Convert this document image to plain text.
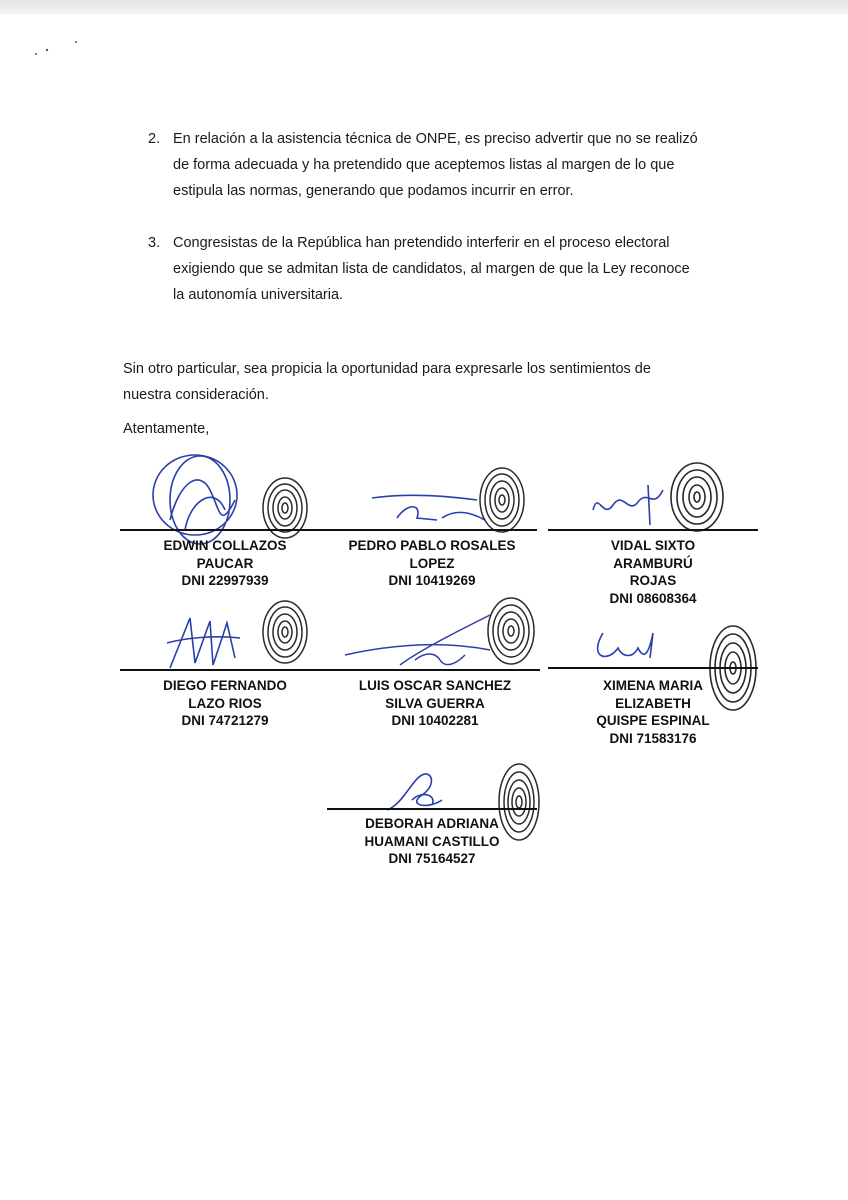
2. En relación a la asistencia técnica de ONPE, es preciso advertir que no se realizó
de forma adecuada y ha pretendido que aceptemos listas al margen de lo que
estipula las normas, generando que podamos incurrir en error.
3. Congresistas de la República han pretendido interferir en el proceso electoral
exigiendo que se admitan lista de candidatos, al margen de que la Ley reconoce
la autonomía universitaria.
Sin otro particular, sea propicia la oportunidad para expresarle los sentimientos de
nuestra consideración.
Atentamente,
EDWIN COLLAZOS
PAUCAR
DNI 22997939
PEDRO PABLO ROSALES
LOPEZ
DNI 10419269
VIDAL SIXTO
ARAMBURÚ
ROJAS
DNI 08608364
DIEGO FERNANDO
LAZO RIOS
DNI 74721279
LUIS OSCAR SANCHEZ
SILVA GUERRA
DNI 10402281
XIMENA MARIA
ELIZABETH
QUISPE ESPINAL
DNI 71583176
DEBORAH ADRIANA
HUAMANI CASTILLO
DNI 75164527
